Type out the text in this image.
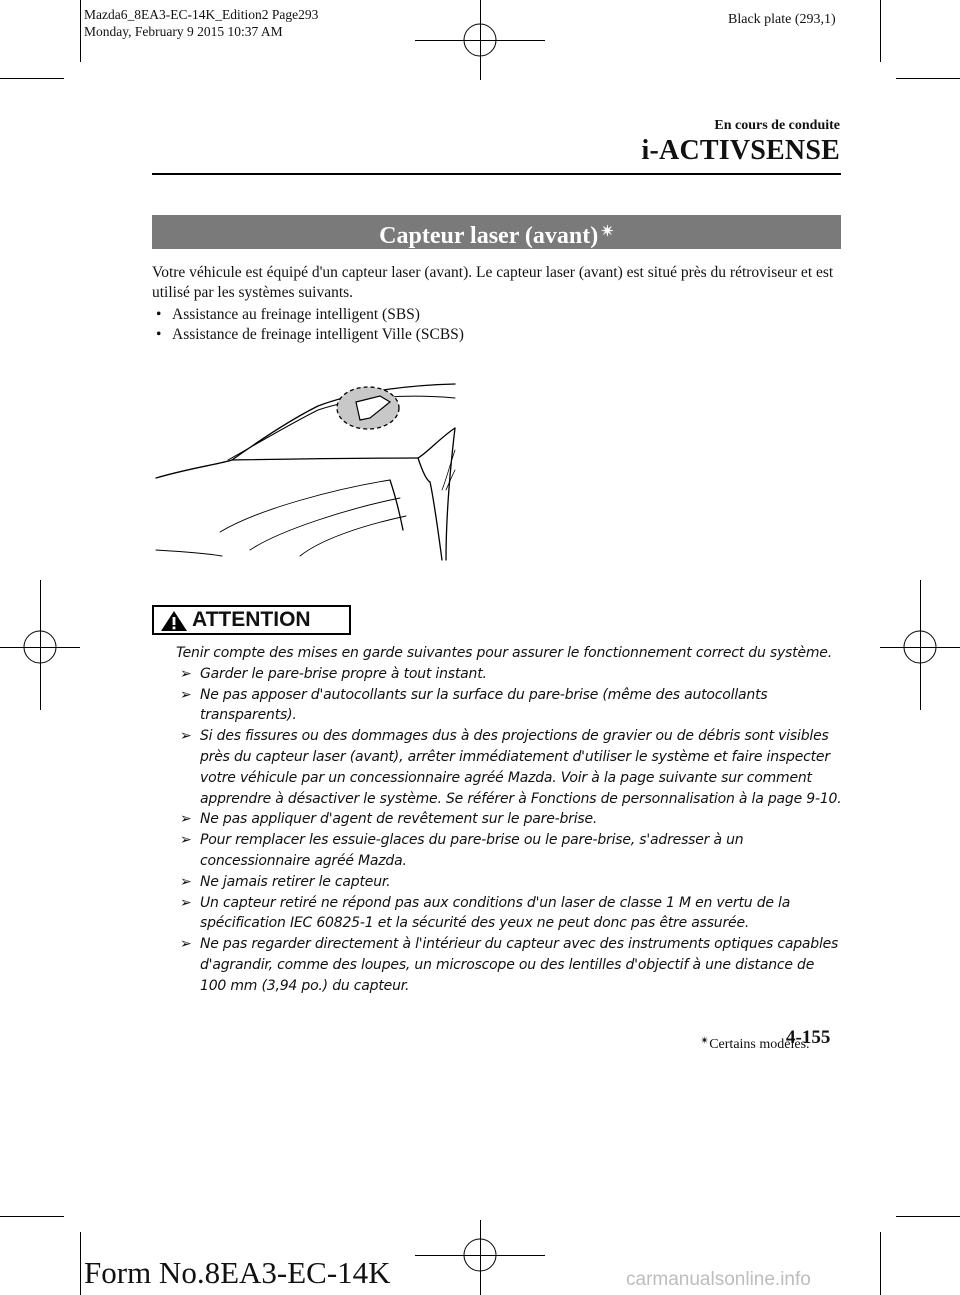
Mazda6_8EA3-EC-14K_Edition2 Page293
Monday, February 9 2015 10:37 AM
Black plate (293,1)
En cours de conduite
i-ACTIVSENSE
Capteur laser (avant) ✴

Votre véhicule est équipé d'un capteur laser (avant). Le capteur laser (avant) est situé près du rétroviseur et est utilisé par les systèmes suivants.

• Assistance au freinage intelligent (SBS)
• Assistance de freinage intelligent Ville (SCBS)
ATTENTION

Tenir compte des mises en garde suivantes pour assurer le fonctionnement correct du système.

➢ Garder le pare-brise propre à tout instant.
➢ Ne pas apposer d'autocollants sur la surface du pare-brise (même des autocollants transparents).
➢ Si des fissures ou des dommages dus à des projections de gravier ou de débris sont visibles près du capteur laser (avant), arrêter immédiatement d'utiliser le système et faire inspecter votre véhicule par un concessionnaire agréé Mazda. Voir à la page suivante sur comment apprendre à désactiver le système. Se référer à Fonctions de personnalisation à la page 9-10.
➢ Ne pas appliquer d'agent de revêtement sur le pare-brise.
➢ Pour remplacer les essuie-glaces du pare-brise ou le pare-brise, s'adresser à un concessionnaire agréé Mazda.
➢ Ne jamais retirer le capteur.
➢ Un capteur retiré ne répond pas aux conditions d'un laser de classe 1 M en vertu de la spécification IEC 60825-1 et la sécurité des yeux ne peut donc pas être assurée.
➢ Ne pas regarder directement à l'intérieur du capteur avec des instruments optiques capables d'agrandir, comme des loupes, un microscope ou des lentilles d'objectif à une distance de 100 mm (3,94 po.) du capteur.
✴Certains modèles.
4-155
Form No.8EA3-EC-14K	carmanualsonline.info
